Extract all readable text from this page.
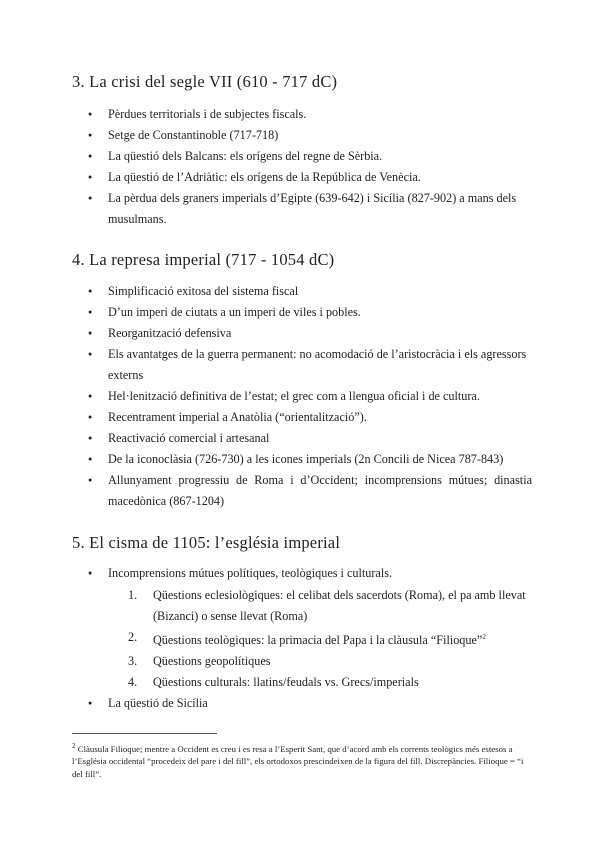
3. La crisi del segle VII (610 - 717 dC)
● Pèrdues territorials i de subjectes fiscals.
● Setge de Constantinoble (717-718)
● La qüestió dels Balcans: els orígens del regne de Sèrbia.
● La qüestió de l’Adriàtic: els orígens de la República de Venècia.
● La pèrdua dels graners imperials d’Egipte (639-642) i Sicília (827-902) a mans dels musulmans.
4. La represa imperial (717 - 1054 dC)
● Simplificació exitosa del sistema fiscal
● D’un imperi de ciutats a un imperi de viles i pobles.
● Reorganització defensiva
● Els avantatges de la guerra permanent: no acomodació de l’aristocràcia i els agressors externs
● Hel·lenització definitiva de l’estat; el grec com a llengua oficial i de cultura.
● Recentrament imperial a Anatòlia (“orientalització”).
● Reactivació comercial i artesanal
● De la iconoclàsia (726-730) a les icones imperials (2n Concili de Nicea 787-843)
● Allunyament progressiu de Roma i d’Occident; incomprensions mútues; dinastia macedònica (867-1204)
5. El cisma de 1105: l’església imperial
● Incomprensions mútues polítiques, teològiques i culturals.
1. Qüestions eclesiològiques: el celibat dels sacerdots (Roma), el pa amb llevat (Bizanci) o sense llevat (Roma)
2. Qüestions teològiques: la primacia del Papa i la clàusula “Filioque”$^2$
3. Qüestions geopolítiques
4. Qüestions culturals: llatins/feudals vs. Grecs/imperials
● La qüestió de Sicília
$^2$ Clàusula Filioque; mentre a Occident es creu i es resa a l’Esperit Sant, que d’acord amb els corrents teològics més estesos a l’Església occidental “procedeix del pare i del fill”, els ortodoxos prescindeixen de la figura del fill. Discrepàncies. Filioque = “i del fill”.
